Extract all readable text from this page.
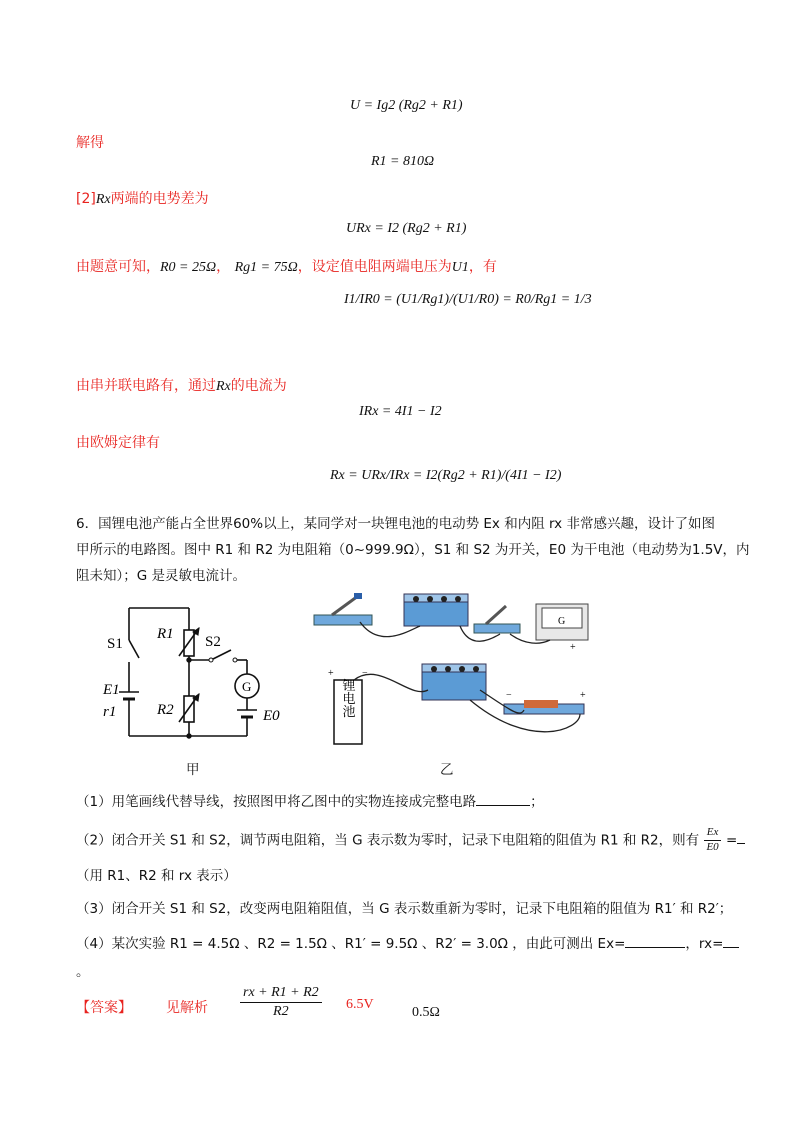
U = Ig2 (Rg2 + R1)
解得
R1 = 810Ω
[2]Rx两端的电势差为
URx = I2 (Rg2 + R1)
由题意可知，R0 = 25Ω， Rg1 = 75Ω，设定值电阻两端电压为U1，有
I1/IR0 = (U1/Rg1)/(U1/R0) = R0/Rg1 = 1/3
由串并联电路有，通过Rx的电流为
IRx = 4I1 − I2
由欧姆定律有
Rx = URx/IRx = I2(Rg2 + R1)/(4I1 − I2)
6．国锂电池产能占全世界60%以上，某同学对一块锂电池的电动势 Ex 和内阻 rx 非常感兴趣，设计了如图
甲所示的电路图。图中 R1 和 R2 为电阻箱（0~999.9Ω），S1 和 S2 为开关，E0 为干电池（电动势为1.5V，内
阻未知）；G 是灵敏电流计。
S1
R1 S2
G
E1
r1	R2	E0
甲
G
+
锂电池
+	−
−	+
乙
（1）用笔画线代替导线，按照图甲将乙图中的实物连接成完整电路	；
（2）闭合开关 S1 和 S2，调节两电阻箱，当 G 表示数为零时，记录下电阻箱的阻值为 R1 和 R2，则有 $\frac{Ex}{E0}$ =
（用 R1、R2 和 rx 表示）
（3）闭合开关 S1 和 S2，改变两电阻箱阻值，当 G 表示数重新为零时，记录下电阻箱的阻值为 R1′ 和 R2′；
（4）某次实验 R1 = 4.5Ω 、R2 = 1.5Ω 、R1′ = 9.5Ω 、R2′ = 3.0Ω ，由此可测出 Ex=	，rx=
。
【答案】 见解析 $\frac{rx + R1 + R2}{R2} 6.5V$
0.5Ω
